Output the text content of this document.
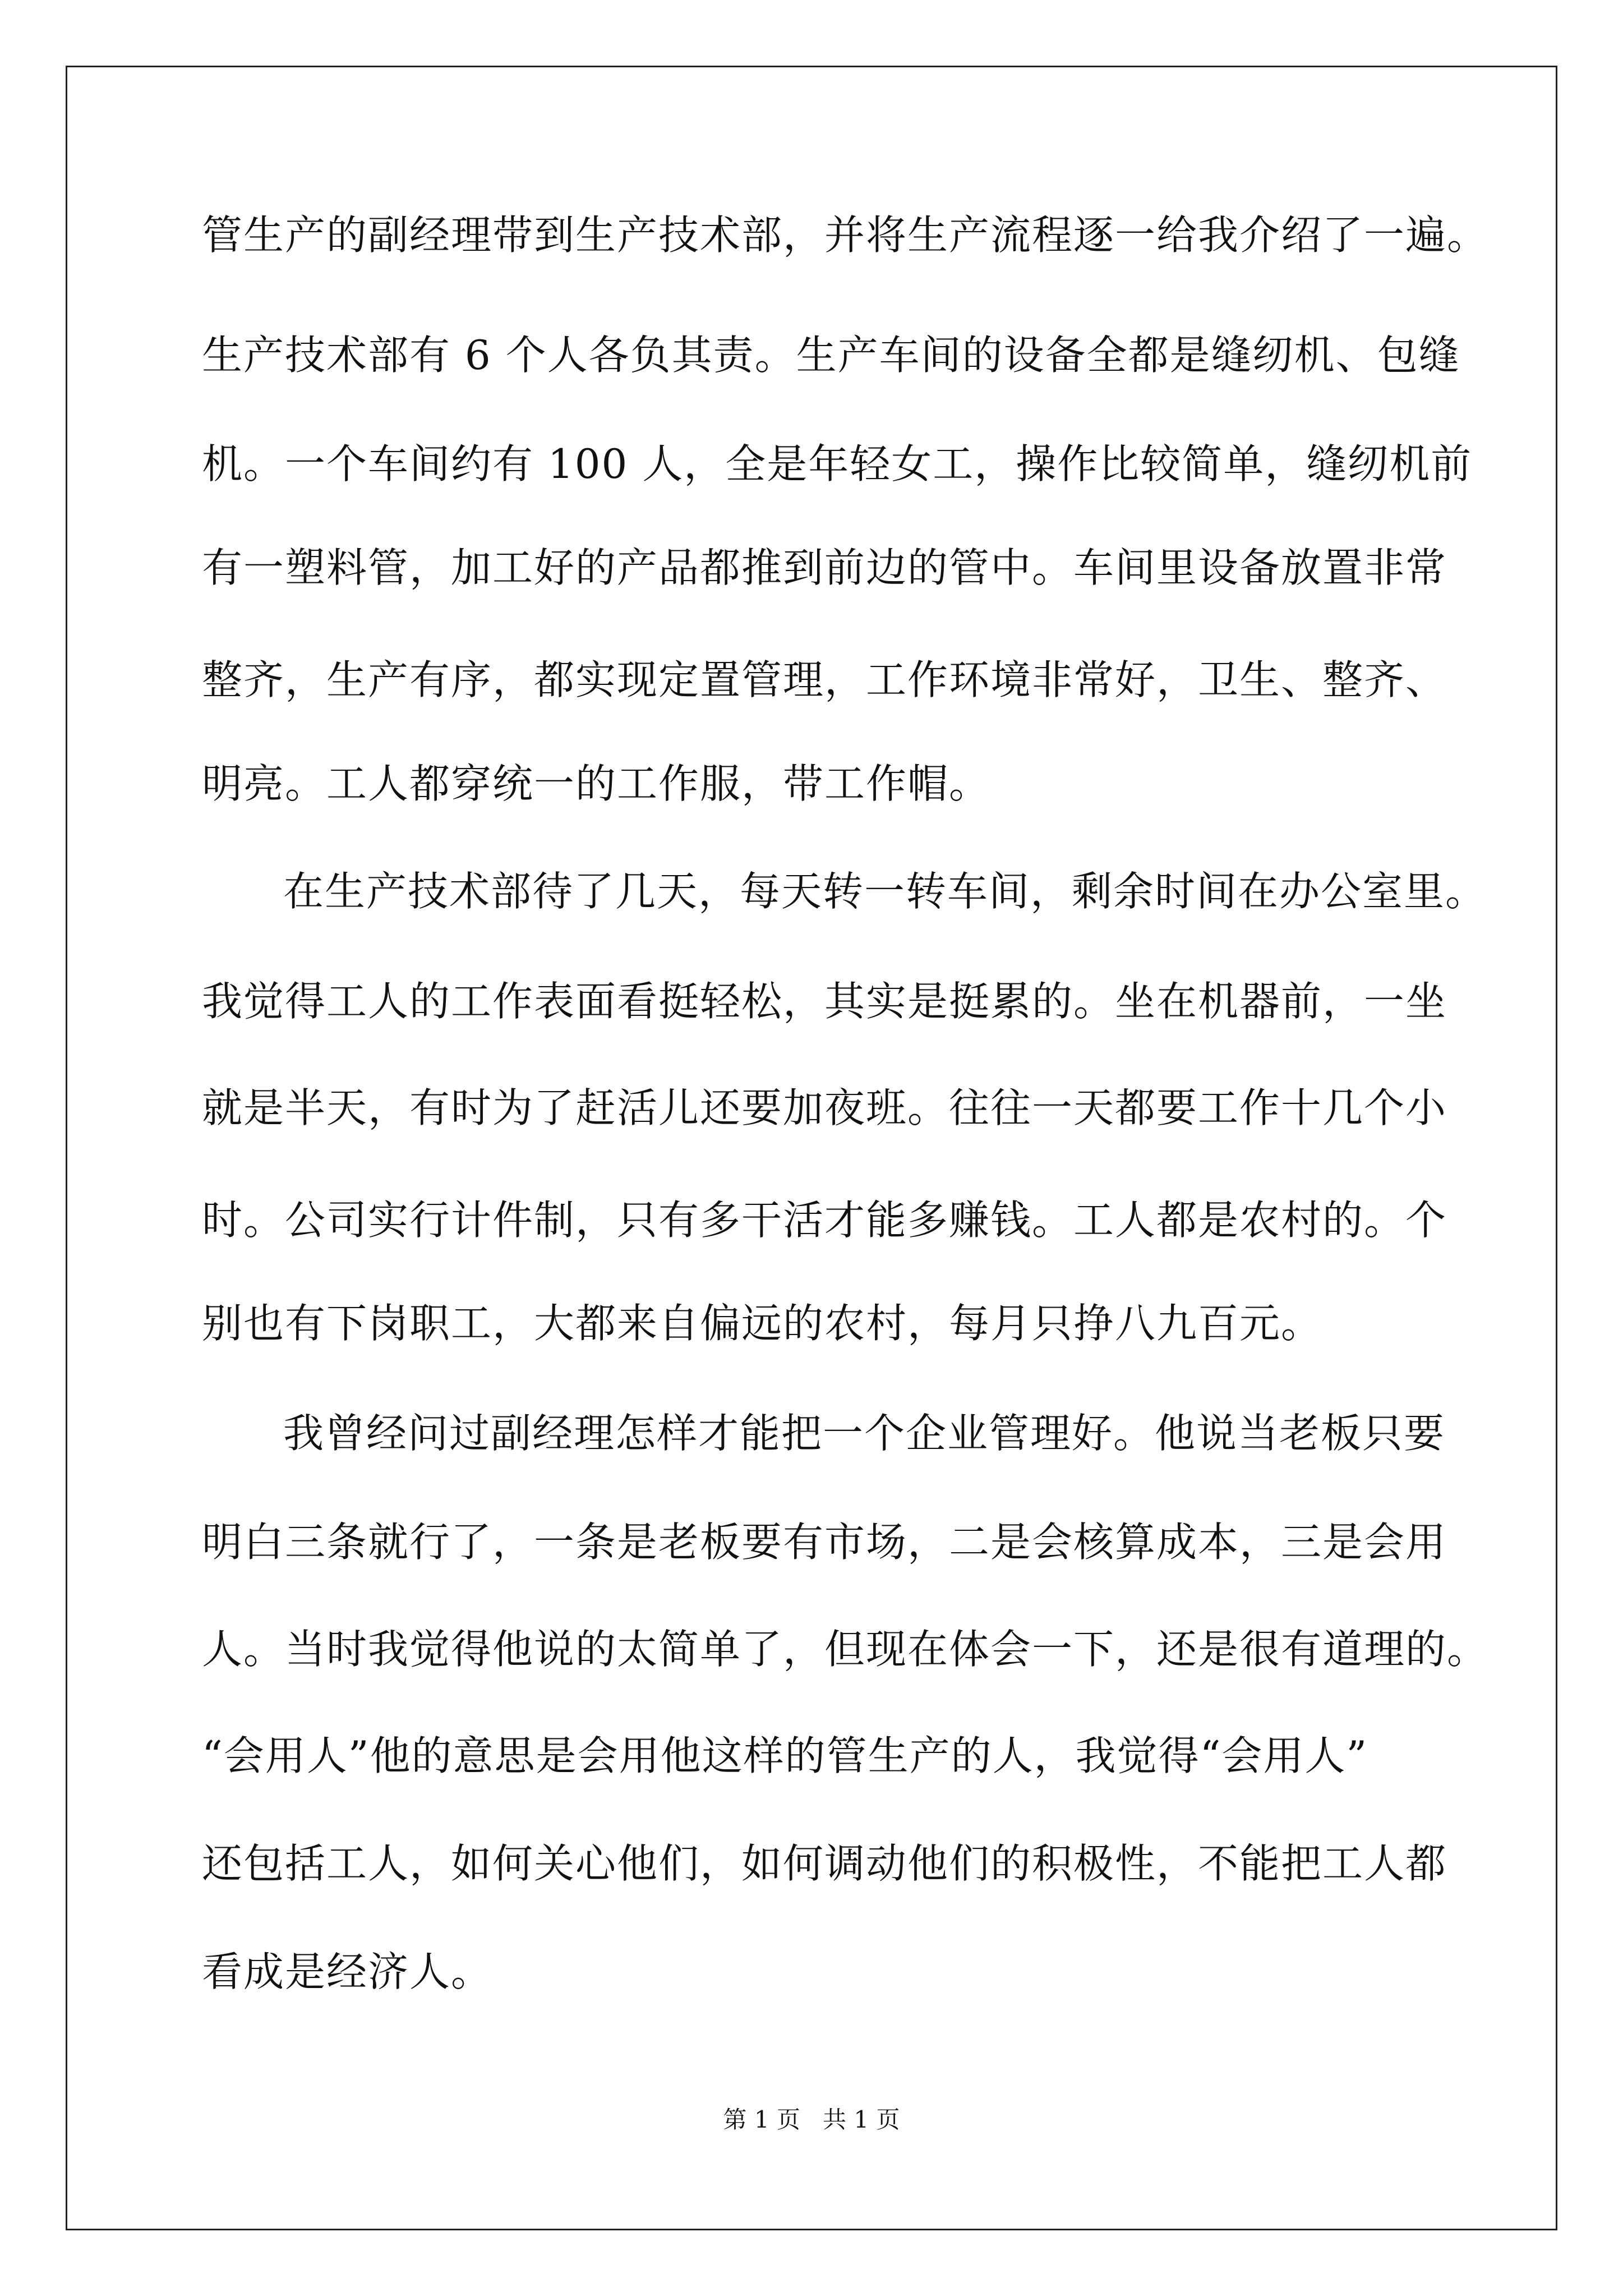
管生产的副经理带到生产技术部，并将生产流程逐一给我介绍了一遍。

生产技术部有 6 个人各负其责。生产车间的设备全都是缝纫机、包缝

机。一个车间约有 100 人，全是年轻女工，操作比较简单，缝纫机前

有一塑料管，加工好的产品都推到前边的管中。车间里设备放置非常

整齐，生产有序，都实现定置管理，工作环境非常好，卫生、整齐、

明亮。工人都穿统一的工作服，带工作帽。

在生产技术部待了几天，每天转一转车间，剩余时间在办公室里。

我觉得工人的工作表面看挺轻松，其实是挺累的。坐在机器前，一坐

就是半天，有时为了赶活儿还要加夜班。往往一天都要工作十几个小

时。公司实行计件制，只有多干活才能多赚钱。工人都是农村的。个

别也有下岗职工，大都来自偏远的农村，每月只挣八九百元。

我曾经问过副经理怎样才能把一个企业管理好。他说当老板只要

明白三条就行了，一条是老板要有市场，二是会核算成本，三是会用

人。当时我觉得他说的太简单了，但现在体会一下，还是很有道理的。

“会用人”他的意思是会用他这样的管生产的人，我觉得“会用人”

还包括工人，如何关心他们，如何调动他们的积极性，不能把工人都

看成是经济人。

第 1 页   共 1 页
